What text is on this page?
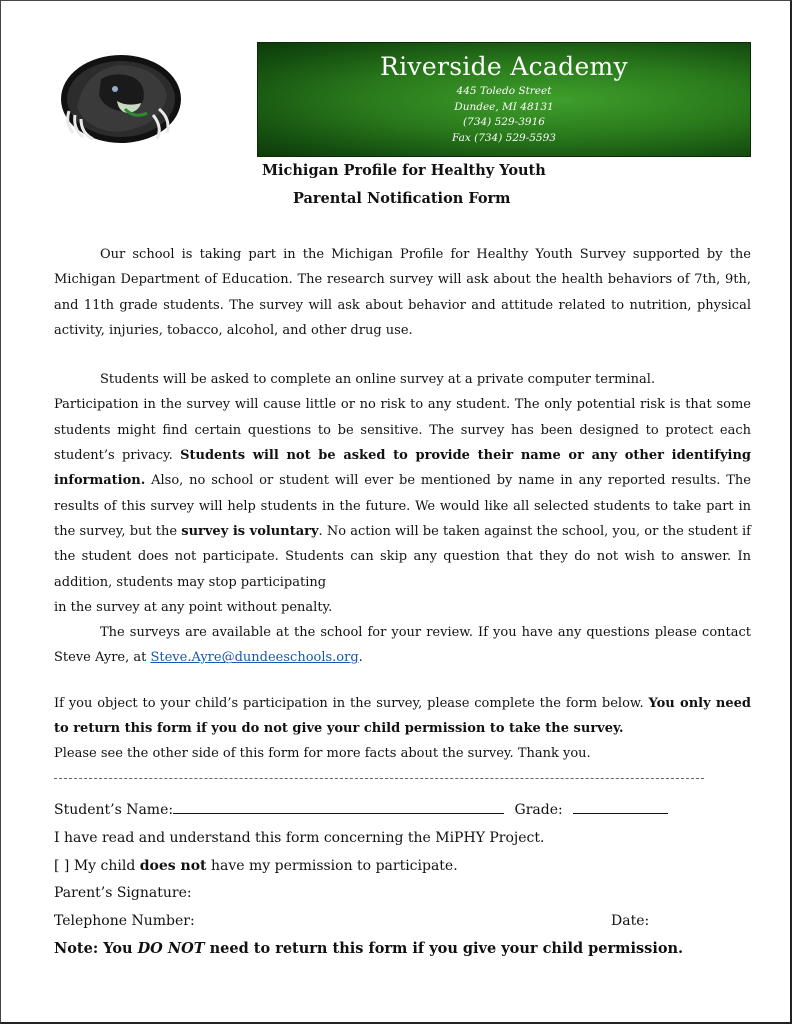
Riverside Academy
445 Toledo Street
Dundee, MI 48131
(734) 529-3916
Fax (734) 529-5593
Michigan Profile for Healthy Youth
Parental Notification Form
Our school is taking part in the Michigan Profile for Healthy Youth Survey supported by the Michigan Department of Education. The research survey will ask about the health behaviors of 7th, 9th, and 11th grade students. The survey will ask about behavior and attitude related to nutrition, physical activity, injuries, tobacco, alcohol, and other drug use.
Students will be asked to complete an online survey at a private computer terminal.
Participation in the survey will cause little or no risk to any student. The only potential risk is that some students might find certain questions to be sensitive. The survey has been designed to protect each student’s privacy. Students will not be asked to provide their name or any other identifying information. Also, no school or student will ever be mentioned by name in any reported results. The results of this survey will help students in the future. We would like all selected students to take part in the survey, but the survey is voluntary. No action will be taken against the school, you, or the student if the student does not participate. Students can skip any question that they do not wish to answer. In addition, students may stop participating
in the survey at any point without penalty.
The surveys are available at the school for your review. If you have any questions please contact Steve Ayre, at Steve.Ayre@dundeeschools.org.
If you object to your child’s participation in the survey, please complete the form below. You only need to return this form if you do not give your child permission to take the survey.
Please see the other side of this form for more facts about the survey. Thank you.
Student’s Name:	Grade:
I have read and understand this form concerning the MiPHY Project.
[ ] My child does not have my permission to participate.
Parent’s Signature:
Telephone Number:	Date:
Note: You DO NOT need to return this form if you give your child permission.
